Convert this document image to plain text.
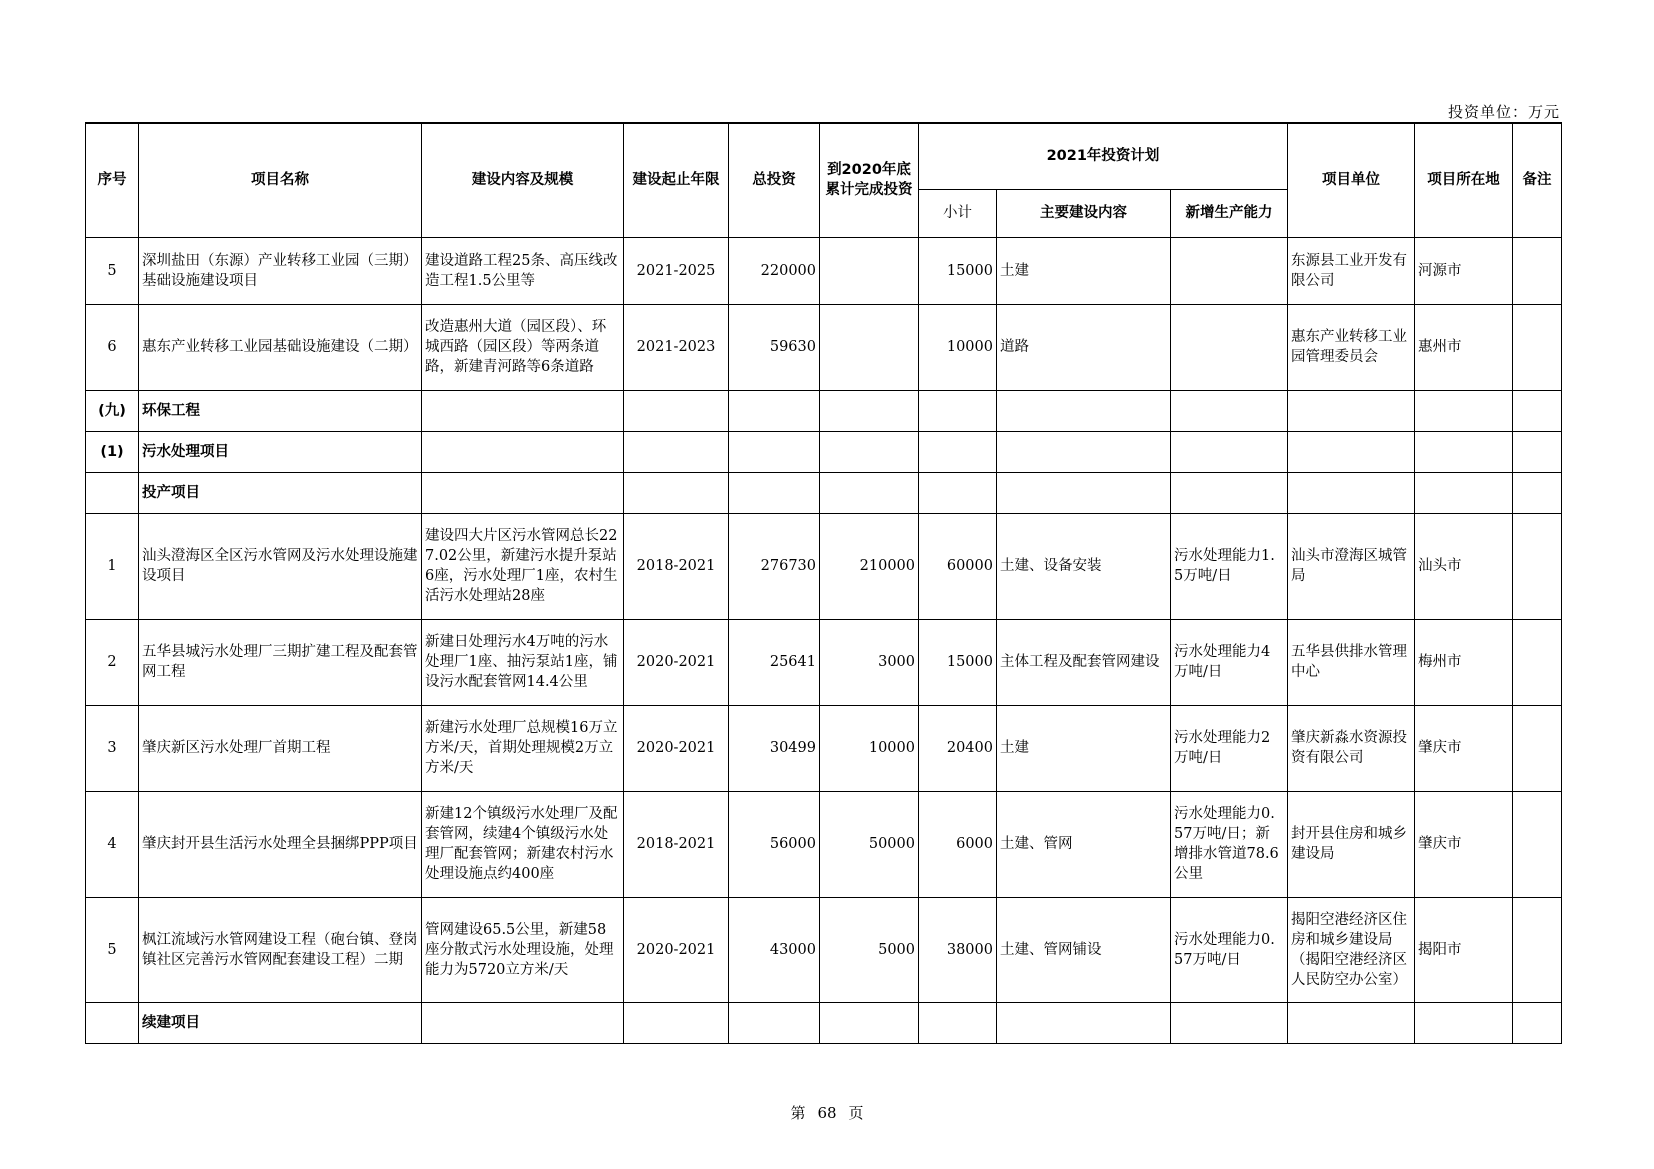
投资单位：万元
序号	项目名称	建设内容及规模	建设起止年限	总投资	到2020年底累计完成投资	2021年投资计划			项目单位	项目所在地	备注
						小计	主要建设内容	新增生产能力			
5	深圳盐田（东源）产业转移工业园（三期）基础设施建设项目	建设道路工程25条、高压线改造工程1.5公里等	2021-2025	220000		15000	土建		东源县工业开发有限公司	河源市	
6	惠东产业转移工业园基础设施建设（二期）	改造惠州大道（园区段）、环城西路（园区段）等两条道路，新建青河路等6条道路	2021-2023	59630		10000	道路		惠东产业转移工业园管理委员会	惠州市	
(九)	环保工程										
(1)	污水处理项目										
	投产项目										
1	汕头澄海区全区污水管网及污水处理设施建设项目	建设四大片区污水管网总长227.02公里，新建污水提升泵站6座，污水处理厂1座，农村生活污水处理站28座	2018-2021	276730	210000	60000	土建、设备安装	污水处理能力1.5万吨/日	汕头市澄海区城管局	汕头市	
2	五华县城污水处理厂三期扩建工程及配套管网工程	新建日处理污水4万吨的污水处理厂1座、抽污泵站1座，铺设污水配套管网14.4公里	2020-2021	25641	3000	15000	主体工程及配套管网建设	污水处理能力4万吨/日	五华县供排水管理中心	梅州市	
3	肇庆新区污水处理厂首期工程	新建污水处理厂总规模16万立方米/天，首期处理规模2万立方米/天	2020-2021	30499	10000	20400	土建	污水处理能力2万吨/日	肇庆新淼水资源投资有限公司	肇庆市	
4	肇庆封开县生活污水处理全县捆绑PPP项目	新建12个镇级污水处理厂及配套管网，续建4个镇级污水处理厂配套管网；新建农村污水处理设施点约400座	2018-2021	56000	50000	6000	土建、管网	污水处理能力0.57万吨/日；新增排水管道78.6公里	封开县住房和城乡建设局	肇庆市	
5	枫江流域污水管网建设工程（砲台镇、登岗镇社区完善污水管网配套建设工程）二期	管网建设65.5公里，新建58座分散式污水处理设施，处理能力为5720立方米/天	2020-2021	43000	5000	38000	土建、管网铺设	污水处理能力0.57万吨/日	揭阳空港经济区住房和城乡建设局（揭阳空港经济区人民防空办公室）	揭阳市	
	续建项目										
第 68 页
